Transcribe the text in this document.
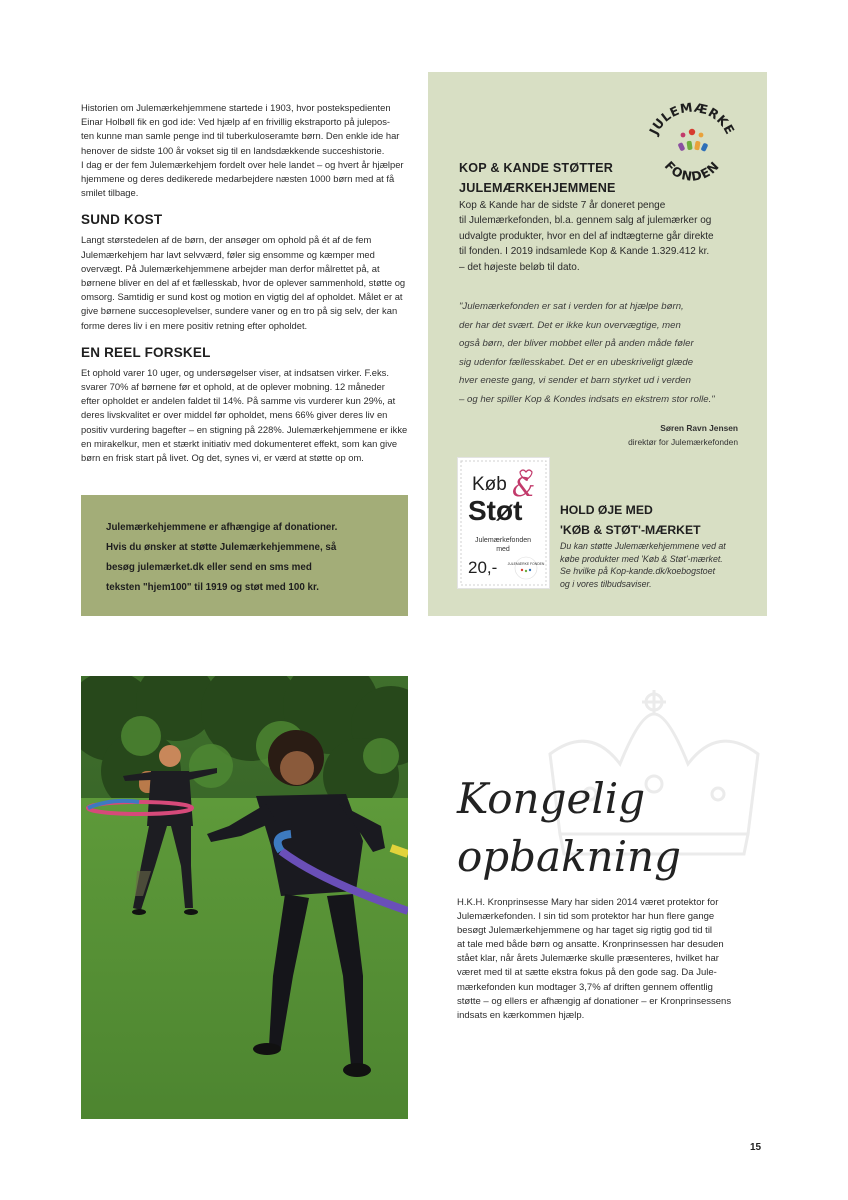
Historien om Julemærkehjemmene startede i 1903, hvor postekspedienten

Einar Holbøll fik en god ide: Ved hjælp af en frivillig ekstraporto på julepos-

ten kunne man samle penge ind til tuberkuloseramte børn. Den enkle ide har

henover de sidste 100 år vokset sig til en landsdækkende succeshistorie.

I dag er der fem Julemærkehjem fordelt over hele landet – og hvert år hjælper

hjemmene og deres dedikerede medarbejdere næsten 1000 børn med at få

smilet tilbage.

SUND KOST

Langt størstedelen af de børn, der ansøger om ophold på ét af de fem

Julemærkehjem har lavt selvværd, føler sig ensomme og kæmper med

overvægt. På Julemærkehjemmene arbejder man derfor målrettet på, at

børnene bliver en del af et fællesskab, hvor de oplever sammenhold, støtte og

omsorg. Samtidig er sund kost og motion en vigtig del af opholdet. Målet er at

give børnene succesoplevelser, sundere vaner og en tro på sig selv, der kan

forme deres liv i en mere positiv retning efter opholdet.

EN REEL FORSKEL

Et ophold varer 10 uger, og undersøgelser viser, at indsatsen virker. F.eks.

svarer 70% af børnene før et ophold, at de oplever mobning. 12 måneder

efter opholdet er andelen faldet til 14%. På samme vis vurderer kun 29%, at

deres livskvalitet er over middel før opholdet, mens 66% giver deres liv en

positiv vurdering bagefter – en stigning på 228%. Julemærkehjemmene er ikke

en mirakelkur, men et stærkt initiativ med dokumenteret effekt, som kan give

børn en frisk start på livet. Og det, synes vi, er værd at støtte op om.

Julemærkehjemmene er afhængige af donationer.

Hvis du ønsker at støtte Julemærkehjemmene, så

besøg julemærket.dk eller send en sms med

teksten "hjem100" til 1919 og støt med 100 kr.

JULEMÆRKE
FONDEN

KOP & KANDE STØTTER

JULEMÆRKEHJEMMENE

Kop & Kande har de sidste 7 år doneret penge

til Julemærkefonden, bl.a. gennem salg af julemærker og

udvalgte produkter, hvor en del af indtægterne går direkte

til fonden. I 2019 indsamlede Kop & Kande 1.329.412 kr.

– det højeste beløb til dato.

"Julemærkefonden er sat i verden for at hjælpe børn,

der har det svært. Det er ikke kun overvægtige, men

også børn, der bliver mobbet eller på anden måde føler

sig udenfor fællesskabet. Det er en ubeskriveligt glæde

hver eneste gang, vi sender et barn styrket ud i verden

– og her spiller Kop & Kondes indsats en ekstrem stor rolle."

Søren Ravn Jensen

direktør for Julemærkefonden

Køb &
Støt
Julemærkefonden
med
20,-	JULEMÆRKE FONDEN

HOLD ØJE MED

'KØB & STØT'-MÆRKET

Du kan støtte Julemærkehjemmene ved at

købe produkter med 'Køb & Støt'-mærket.

Se hvilke på Kop-kande.dk/koebogstoet

og i vores tilbudsaviser.

Kongelig

opbakning

H.K.H. Kronprinsesse Mary har siden 2014 været protektor for

Julemærkefonden. I sin tid som protektor har hun flere gange

besøgt Julemærkehjemmene og har taget sig rigtig god tid til

at tale med både børn og ansatte. Kronprinsessen har desuden

stået klar, når årets Julemærke skulle præsenteres, hvilket har

været med til at sætte ekstra fokus på den gode sag. Da Jule-

mærkefonden kun modtager 3,7% af driften gennem offentlig

støtte – og ellers er afhængig af donationer – er Kronprinsessens

indsats en kærkommen hjælp.

15
